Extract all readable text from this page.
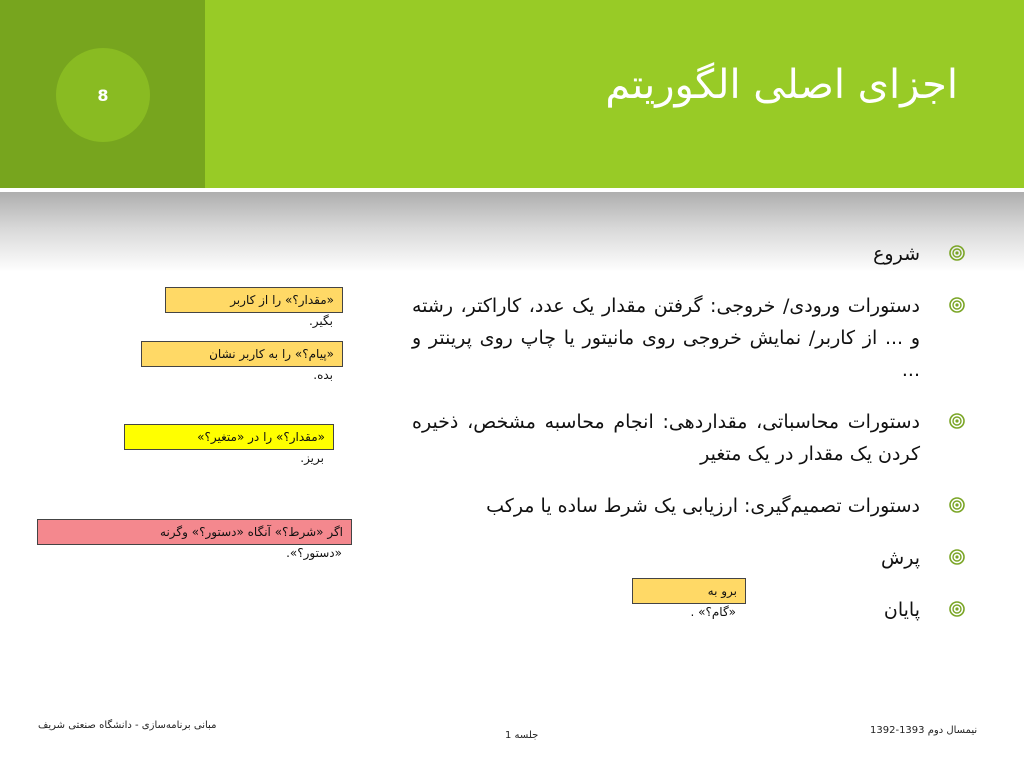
8	اجزای اصلی الگوریتم
شروع
دستورات ورودی/ خروجی: گرفتن مقدار یک عدد، کاراکتر، رشته و ... از کاربر/ نمایش خروجی روی مانیتور یا چاپ روی پرینتر و ...
دستورات محاسباتی، مقداردهی: انجام محاسبه مشخص، ذخیره کردن یک مقدار در یک متغیر
دستورات تصمیم‌گیری: ارزیابی یک شرط ساده یا مرکب
پرش
پایان
«مقدار؟» را از کاربر
بگیر.
«پیام؟» را به کاربر نشان
بده.
«مقدار؟» را در «متغیر؟»
بریز.
اگر «شرط؟» آنگاه «دستور؟» وگرنه
«دستور؟».
برو به
«گام؟» .
مبانی برنامه‌سازی - دانشگاه صنعتی شریف
جلسه 1	نیمسال دوم 1393-1392
